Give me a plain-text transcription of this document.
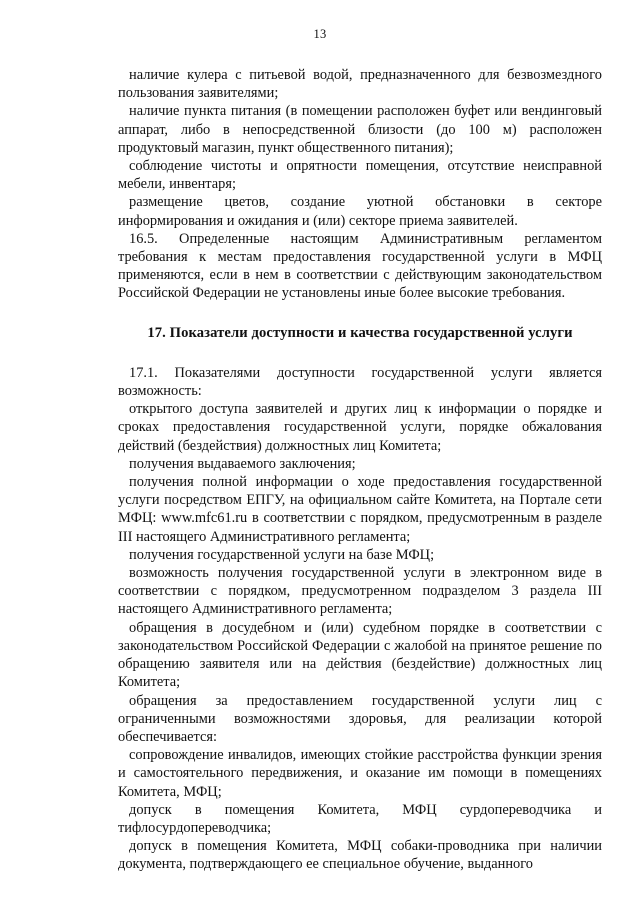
13

наличие кулера с питьевой водой, предназначенного для безвозмездного пользования заявителями;

наличие пункта питания (в помещении расположен буфет или вендинговый аппарат, либо в непосредственной близости (до 100 м) расположен продуктовый магазин, пункт общественного питания);

соблюдение чистоты и опрятности помещения, отсутствие неисправной мебели, инвентаря;

размещение цветов, создание уютной обстановки в секторе информирования и ожидания и (или) секторе приема заявителей.

16.5. Определенные настоящим Административным регламентом требования к местам предоставления государственной услуги в МФЦ применяются, если в нем в соответствии с действующим законодательством Российской Федерации не установлены иные более высокие требования.

17. Показатели доступности и качества государственной услуги

17.1. Показателями доступности государственной услуги является возможность:

открытого доступа заявителей и других лиц к информации о порядке и сроках предоставления государственной услуги, порядке обжалования действий (бездействия) должностных лиц Комитета;

получения выдаваемого заключения;

получения полной информации о ходе предоставления государственной услуги посредством ЕПГУ, на официальном сайте Комитета, на Портале сети МФЦ: www.mfc61.ru в соответствии с порядком, предусмотренным в разделе III настоящего Административного регламента;

получения государственной услуги на базе МФЦ;

возможность получения государственной услуги в электронном виде в соответствии с порядком, предусмотренном подразделом 3 раздела III настоящего Административного регламента;

обращения в досудебном и (или) судебном порядке в соответствии с законодательством Российской Федерации с жалобой на принятое решение по обращению заявителя или на действия (бездействие) должностных лиц Комитета;

обращения за предоставлением государственной услуги лиц с ограниченными возможностями здоровья, для реализации которой обеспечивается:

сопровождение инвалидов, имеющих стойкие расстройства функции зрения и самостоятельного передвижения, и оказание им помощи в помещениях Комитета, МФЦ;

допуск в помещения Комитета, МФЦ сурдопереводчика и тифлосурдопереводчика;

допуск в помещения Комитета, МФЦ собаки-проводника при наличии документа, подтверждающего ее специальное обучение, выданного
